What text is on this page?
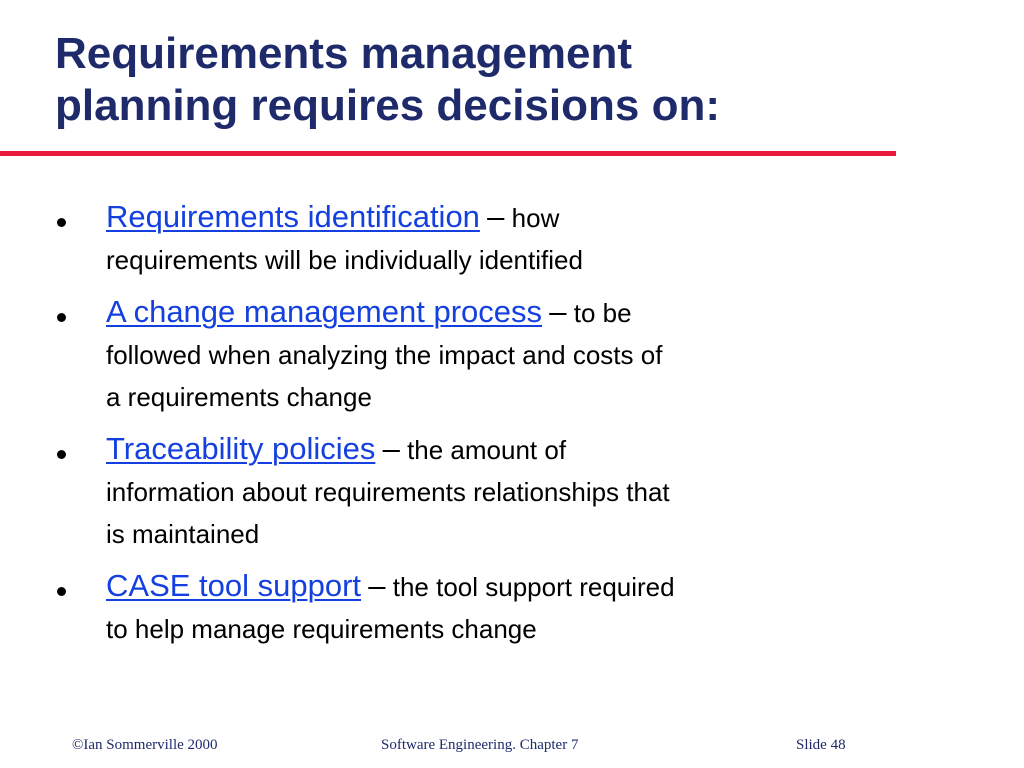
Requirements management
planning requires decisions on:
Requirements identification – how
requirements will be individually identified
A change management process – to be
followed when analyzing the impact and costs of
a requirements change
Traceability policies – the amount of
information about requirements relationships that
is maintained
CASE tool support – the tool support required
to help manage requirements change
©Ian Sommerville 2000	Software Engineering. Chapter 7	Slide 48
